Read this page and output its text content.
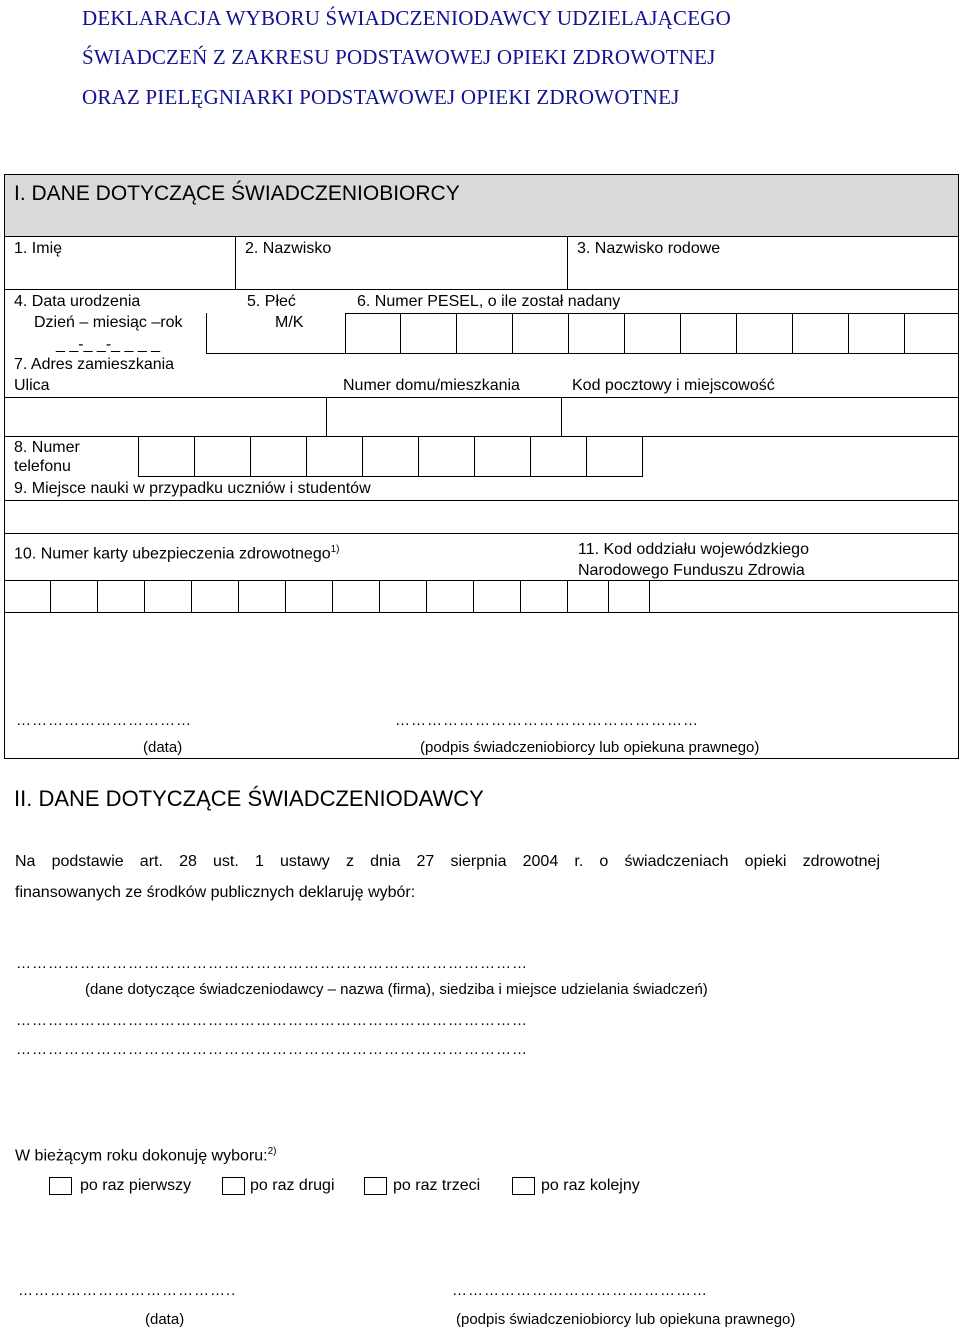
DEKLARACJA WYBORU ŚWIADCZENIODAWCY UDZIELAJĄCEGO
ŚWIADCZEŃ Z ZAKRESU PODSTAWOWEJ OPIEKI ZDROWOTNEJ
ORAZ PIELĘGNIARKI PODSTAWOWEJ OPIEKI ZDROWOTNEJ
I. DANE DOTYCZĄCE ŚWIADCZENIOBIORCY
1. Imię	2. Nazwisko	3. Nazwisko rodowe
4. Data urodzenia
Dzień – miesiąc –rok
_ _-_ _-_ _ _ _
5. Płeć
M/K
6. Numer PESEL, o ile został nadany
7. Adres zamieszkania
Ulica	Numer domu/mieszkania	Kod pocztowy i miejscowość
8. Numer
telefonu
9. Miejsce nauki w przypadku uczniów i studentów
10. Numer karty ubezpieczenia zdrowotnego$^{1)}$	11. Kod oddziału wojewódzkiego
Narodowego Funduszu Zdrowia
……………………………	…………………………………………………
(data)	(podpis świadczeniobiorcy lub opiekuna prawnego)
II. DANE DOTYCZĄCE ŚWIADCZENIODAWCY
Na podstawie art. 28 ust. 1 ustawy z dnia 27 sierpnia 2004 r. o świadczeniach opieki zdrowotnej
finansowanych ze środków publicznych deklaruję wybór:
……………………………………………………………………………………
(dane dotyczące świadczeniodawcy – nazwa (firma), siedziba i miejsce udzielania świadczeń)
……………………………………………………………………………………
……………………………………………………………………………………
W bieżącym roku dokonuję wyboru:$^{2)}$
po raz pierwszy	po raz drugi	po raz trzeci	po raz kolejny
…………………………………..	…………………………………………
(data)	(podpis świadczeniobiorcy lub opiekuna prawnego)
